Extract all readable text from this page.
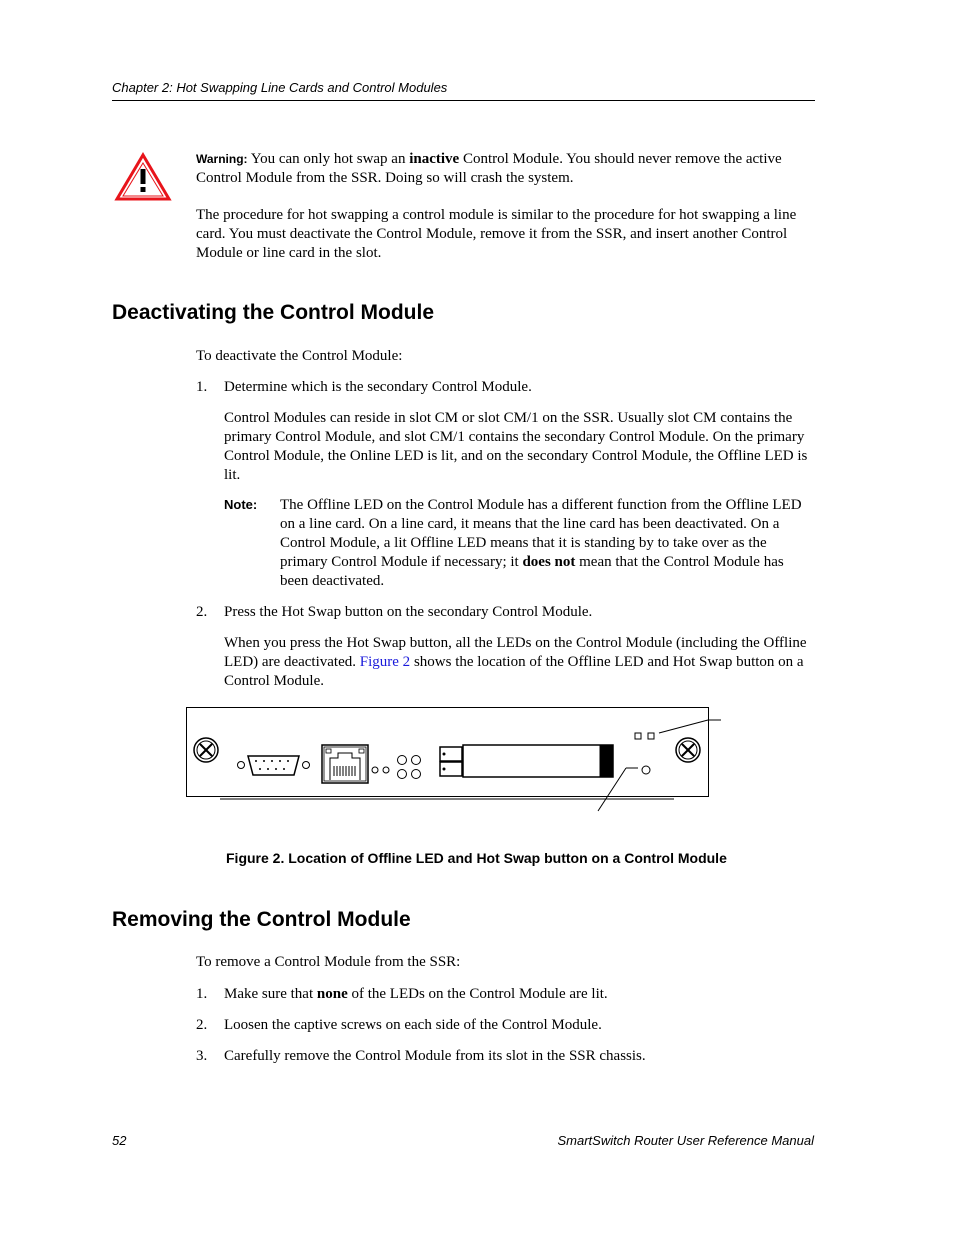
Chapter 2: Hot Swapping Line Cards and Control Modules
Warning: You can only hot swap an inactive Control Module. You should never remove the active Control Module from the SSR. Doing so will crash the system.
The procedure for hot swapping a control module is similar to the procedure for hot swapping a line card. You must deactivate the Control Module, remove it from the SSR, and insert another Control Module or line card in the slot.
Deactivating the Control Module
To deactivate the Control Module:
1. Determine which is the secondary Control Module.
Control Modules can reside in slot CM or slot CM/1 on the SSR. Usually slot CM contains the primary Control Module, and slot CM/1 contains the secondary Control Module. On the primary Control Module, the Online LED is lit, and on the secondary Control Module, the Offline LED is lit.
Note: The Offline LED on the Control Module has a different function from the Offline LED on a line card. On a line card, it means that the line card has been deactivated. On a Control Module, a lit Offline LED means that it is standing by to take over as the primary Control Module if necessary; it does not mean that the Control Module has been deactivated.
2. Press the Hot Swap button on the secondary Control Module.
When you press the Hot Swap button, all the LEDs on the Control Module (including the Offline LED) are deactivated. Figure 2 shows the location of the Offline LED and Hot Swap button on a Control Module.
Figure 2. Location of Offline LED and Hot Swap button on a Control Module
Removing the Control Module
To remove a Control Module from the SSR:
1. Make sure that none of the LEDs on the Control Module are lit.
2. Loosen the captive screws on each side of the Control Module.
3. Carefully remove the Control Module from its slot in the SSR chassis.
52	SmartSwitch Router User Reference Manual
